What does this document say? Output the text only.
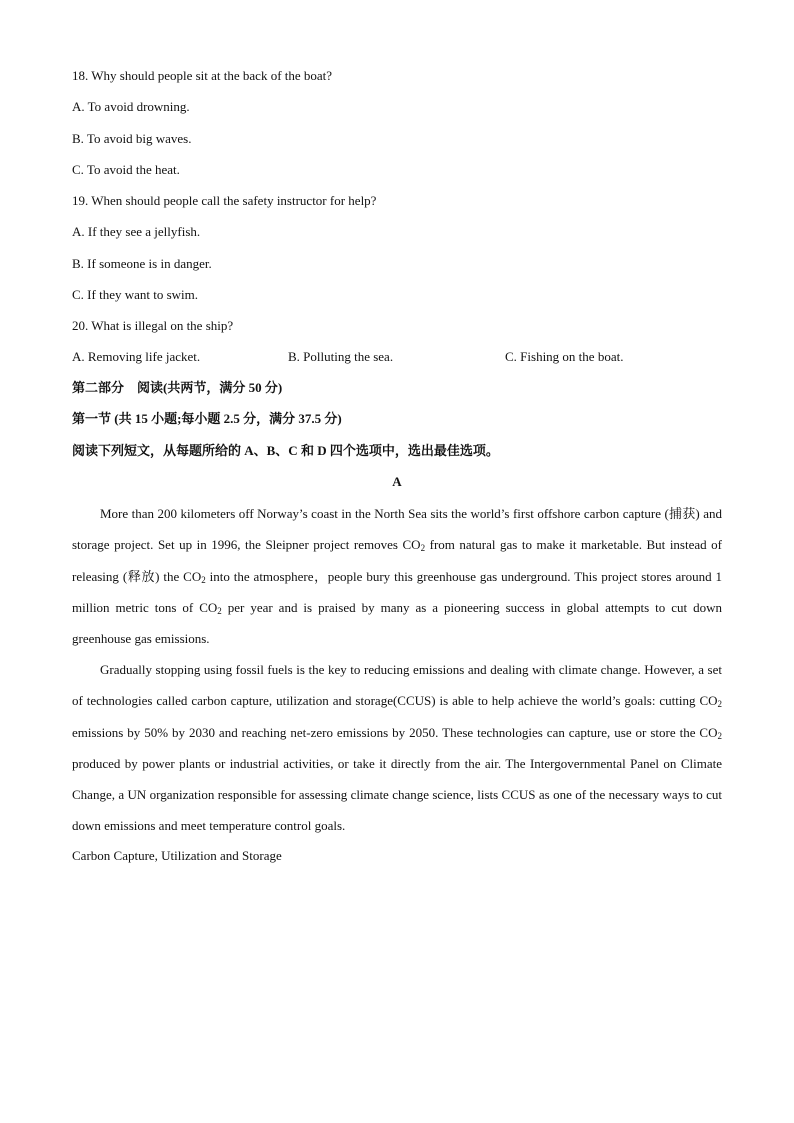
18. Why should people sit at the back of the boat?
A. To avoid drowning.
B. To avoid big waves.
C. To avoid the heat.
19. When should people call the safety instructor for help?
A. If they see a jellyfish.
B. If someone is in danger.
C. If they want to swim.
20. What is illegal on the ship?
A. Removing life jacket.	B. Polluting the sea.	C. Fishing on the boat.
第二部分　阅读(共两节，满分 50 分)
第一节 (共 15 小题;每小题 2.5 分，满分 37.5 分)
阅读下列短文，从每题所给的 A、B、C 和 D 四个选项中，选出最佳选项。
A
More than 200 kilometers off Norway’s coast in the North Sea sits the world’s first offshore carbon capture (捕获) and storage project. Set up in 1996, the Sleipner project removes $CO_2$ from natural gas to make it marketable. But instead of releasing (释放) the $CO_2$ into the atmosphere，people bury this greenhouse gas underground. This project stores around 1 million metric tons of $CO_2$ per year and is praised by many as a pioneering success in global attempts to cut down greenhouse gas emissions.
Gradually stopping using fossil fuels is the key to reducing emissions and dealing with climate change. However, a set of technologies called carbon capture, utilization and storage(CCUS) is able to help achieve the world’s goals: cutting $CO_2$ emissions by 50% by 2030 and reaching net-zero emissions by 2050. These technologies can capture, use or store the $CO_2$ produced by power plants or industrial activities, or take it directly from the air. The Intergovernmental Panel on Climate Change, a UN organization responsible for assessing climate change science, lists CCUS as one of the necessary ways to cut down emissions and meet temperature control goals.
Carbon Capture, Utilization and Storage
